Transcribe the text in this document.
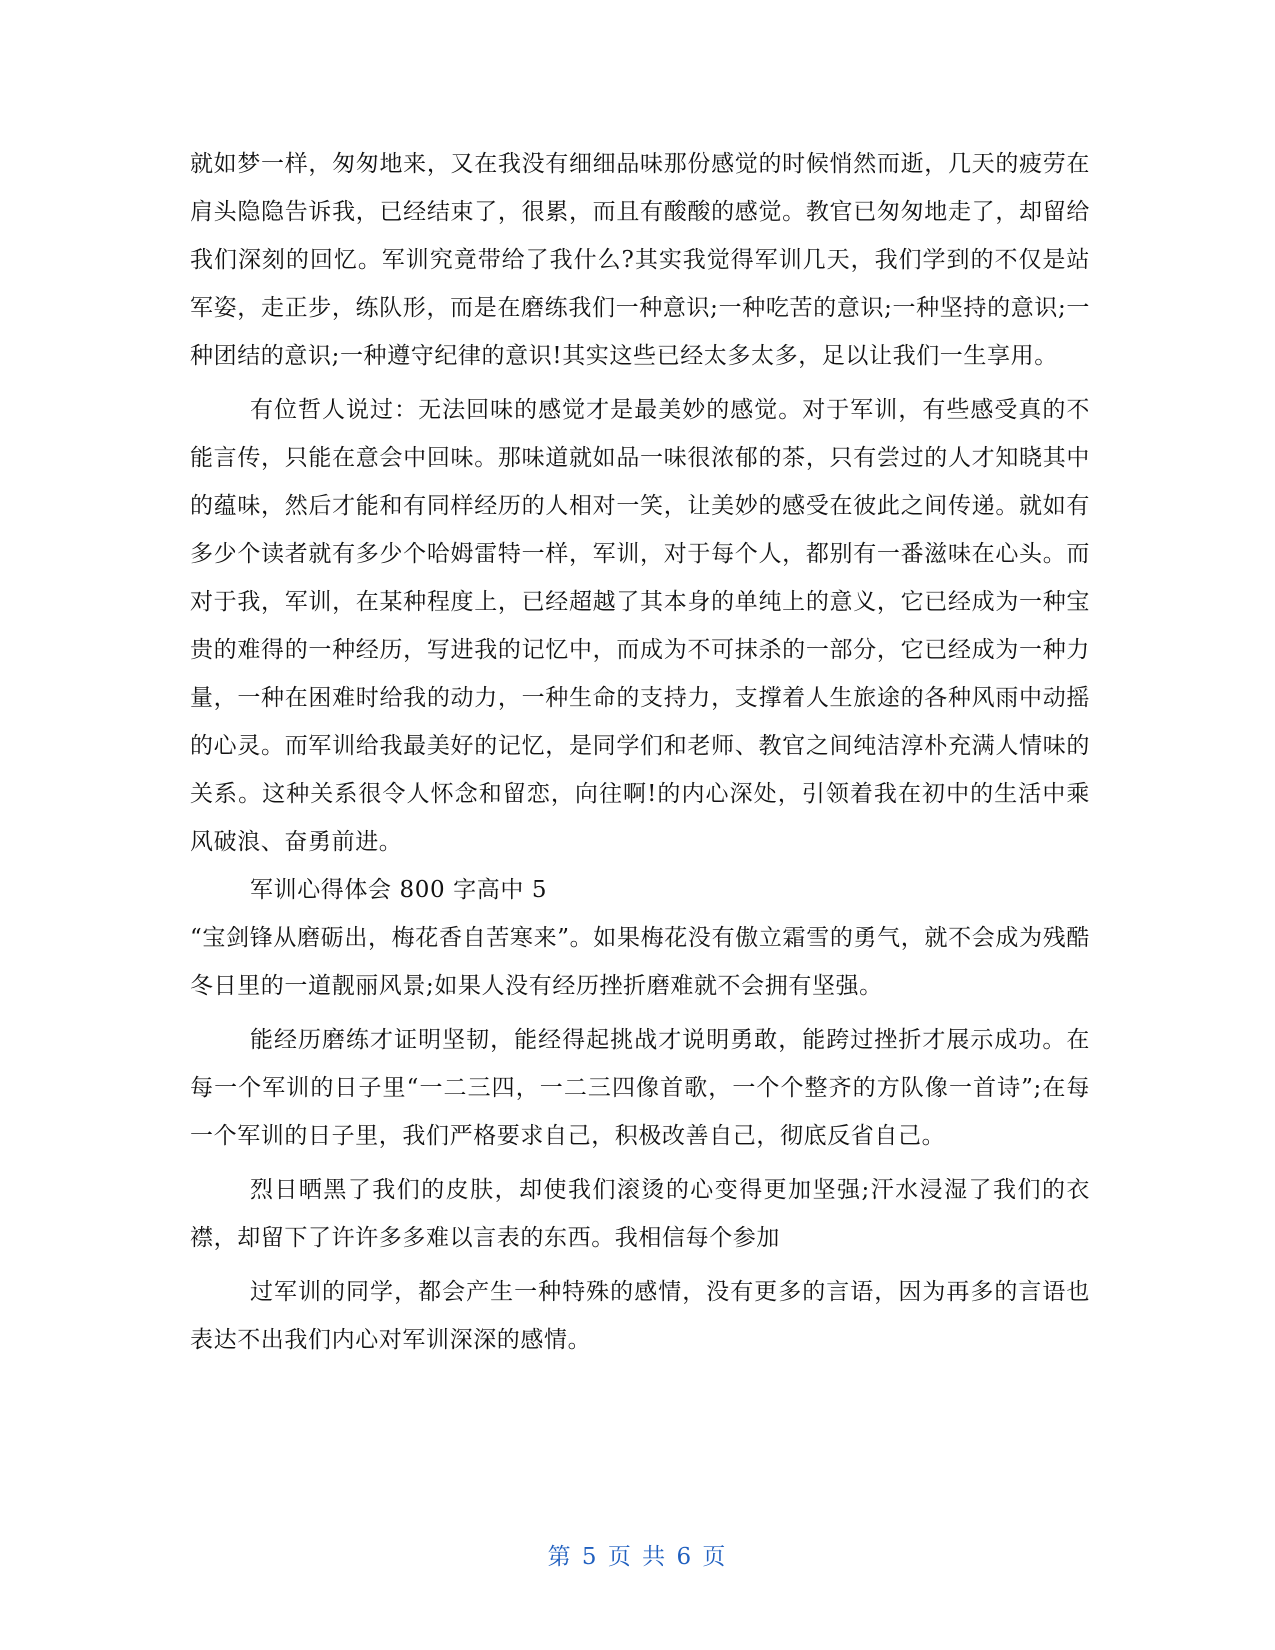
就如梦一样，匆匆地来，又在我没有细细品味那份感觉的时候悄然而逝，几天的疲劳在肩头隐隐告诉我，已经结束了，很累，而且有酸酸的感觉。教官已匆匆地走了，却留给我们深刻的回忆。军训究竟带给了我什么?其实我觉得军训几天，我们学到的不仅是站军姿，走正步，练队形，而是在磨练我们一种意识;一种吃苦的意识;一种坚持的意识;一种团结的意识;一种遵守纪律的意识!其实这些已经太多太多，足以让我们一生享用。

有位哲人说过：无法回味的感觉才是最美妙的感觉。对于军训，有些感受真的不能言传，只能在意会中回味。那味道就如品一味很浓郁的茶，只有尝过的人才知晓其中的蕴味，然后才能和有同样经历的人相对一笑，让美妙的感受在彼此之间传递。就如有多少个读者就有多少个哈姆雷特一样，军训，对于每个人，都别有一番滋味在心头。而对于我，军训，在某种程度上，已经超越了其本身的单纯上的意义，它已经成为一种宝贵的难得的一种经历，写进我的记忆中，而成为不可抹杀的一部分，它已经成为一种力量，一种在困难时给我的动力，一种生命的支持力，支撑着人生旅途的各种风雨中动摇的心灵。而军训给我最美好的记忆，是同学们和老师、教官之间纯洁淳朴充满人情味的关系。这种关系很令人怀念和留恋，向往啊!的内心深处，引领着我在初中的生活中乘风破浪、奋勇前进。

军训心得体会 800 字高中 5

“宝剑锋从磨砺出，梅花香自苦寒来”。如果梅花没有傲立霜雪的勇气，就不会成为残酷冬日里的一道靓丽风景;如果人没有经历挫折磨难就不会拥有坚强。

能经历磨练才证明坚韧，能经得起挑战才说明勇敢，能跨过挫折才展示成功。在每一个军训的日子里“一二三四，一二三四像首歌，一个个整齐的方队像一首诗”;在每一个军训的日子里，我们严格要求自己，积极改善自己，彻底反省自己。

烈日晒黑了我们的皮肤，却使我们滚烫的心变得更加坚强;汗水浸湿了我们的衣襟，却留下了许许多多难以言表的东西。我相信每个参加

过军训的同学，都会产生一种特殊的感情，没有更多的言语，因为再多的言语也表达不出我们内心对军训深深的感情。

第 5 页 共 6 页
